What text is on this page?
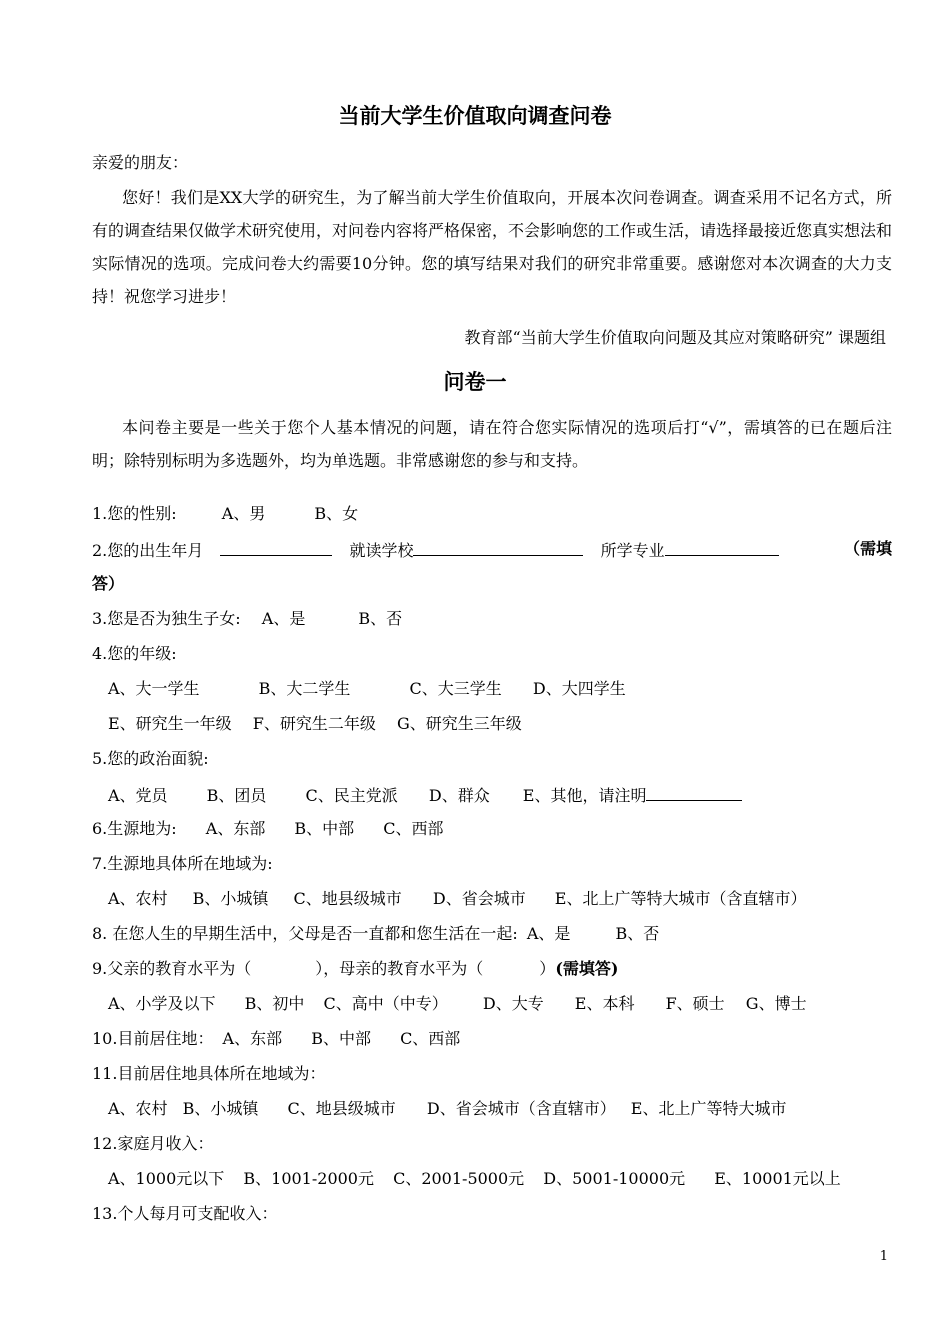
当前大学生价值取向调查问卷
亲爱的朋友：
您好！我们是XX大学的研究生，为了解当前大学生价值取向，开展本次问卷调查。调查采用不记名方式，所有的调查结果仅做学术研究使用，对问卷内容将严格保密，不会影响您的工作或生活，请选择最接近您真实想法和实际情况的选项。完成问卷大约需要10分钟。您的填写结果对我们的研究非常重要。感谢您对本次调查的大力支持！祝您学习进步！
教育部“当前大学生价值取向问题及其应对策略研究” 课题组
问卷一
本问卷主要是一些关于您个人基本情况的问题，请在符合您实际情况的选项后打“√”，需填答的已在题后注明；除特别标明为多选题外，均为单选题。非常感谢您的参与和支持。
1.您的性别:	A、男	B、女
2.您的出生年月	就读学校	所学专业	（需填
答）
3.您是否为独生子女: A、是	B、否
4.您的年级:
A、大一学生	B、大二学生	C、大三学生 D、大四学生
E、研究生一年级 F、研究生二年级 G、研究生三年级
5.您的政治面貌:
A、党员 B、团员 C、民主党派 D、群众 E、其他，请注明
6.生源地为: A、东部 B、中部 C、西部
7.生源地具体所在地域为:
A、农村 B、小城镇 C、地县级城市 D、省会城市 E、北上广等特大城市（含直辖市）
8. 在您人生的早期生活中，父母是否一直都和您生活在一起: A、是	B、否
9.父亲的教育水平为（	），母亲的教育水平为（	）(需填答)
A、小学及以下 B、初中 C、高中（中专） D、大专 E、本科 F、硕士 G、博士
10.目前居住地： A、东部 B、中部 C、西部
11.目前居住地具体所在地域为：
A、农村 B、小城镇 C、地县级城市 D、省会城市（含直辖市） E、北上广等特大城市
12.家庭月收入：
A、1000元以下 B、1001-2000元 C、2001-5000元 D、5001-10000元 E、10001元以上
13.个人每月可支配收入：
1
